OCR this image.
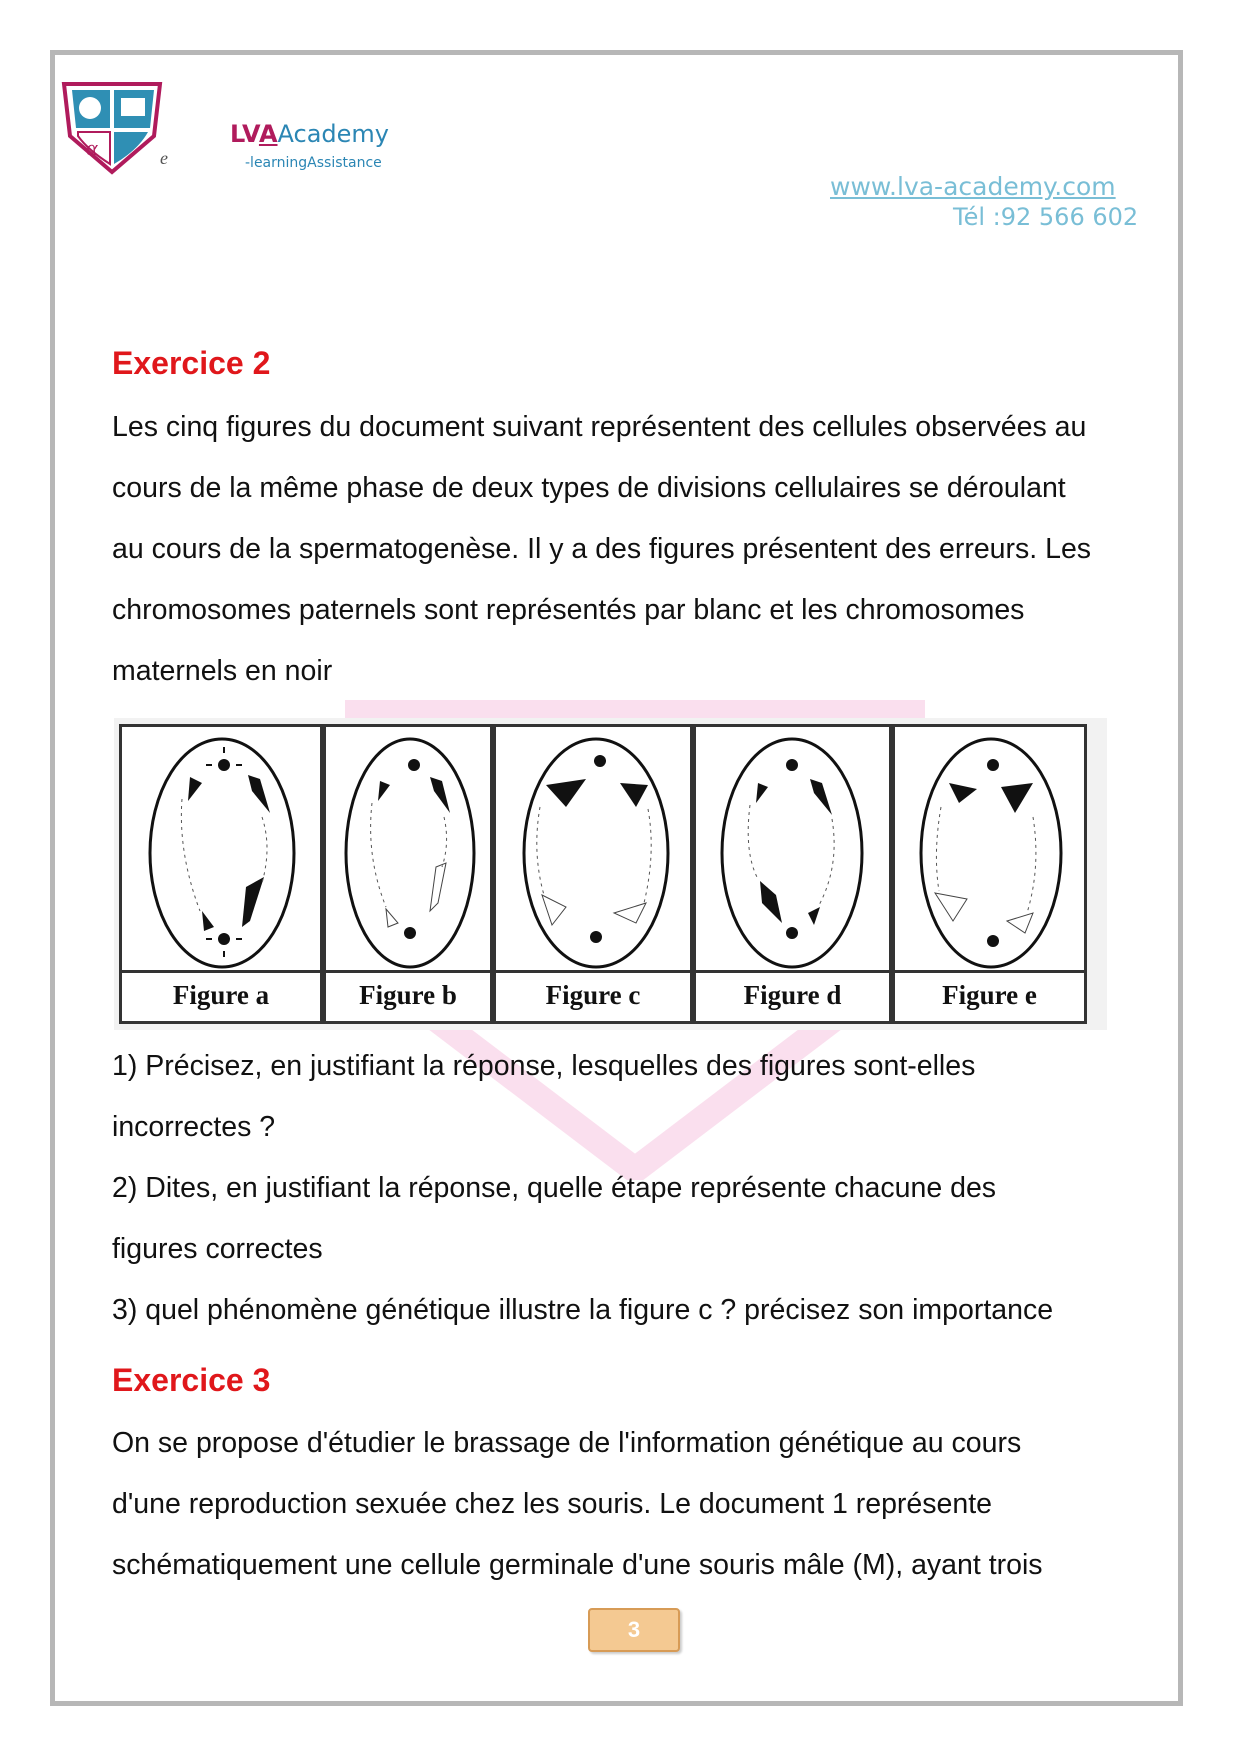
α	e
LVAAcademy
-learningAssistance
www.lva-academy.com
Tél :92 566 602
Exercice 2

Les cinq figures du document suivant représentent des cellules observées au
cours de la même phase de deux types de divisions cellulaires se déroulant
au cours de la spermatogenèse. Il y a des figures présentent des erreurs. Les
chromosomes paternels sont représentés par blanc et les chromosomes
maternels en noir

Figure a	Figure b	Figure c	Figure d	Figure e

1) Précisez, en justifiant la réponse, lesquelles des figures sont-elles
incorrectes ?
2) Dites, en justifiant la réponse, quelle étape représente chacune des
figures correctes
3) quel phénomène génétique illustre la figure c ? précisez son importance

Exercice 3

On se propose d'étudier le brassage de l'information génétique au cours
d'une reproduction sexuée chez les souris. Le document 1 représente
schématiquement une cellule germinale d'une souris mâle (M), ayant trois

3
